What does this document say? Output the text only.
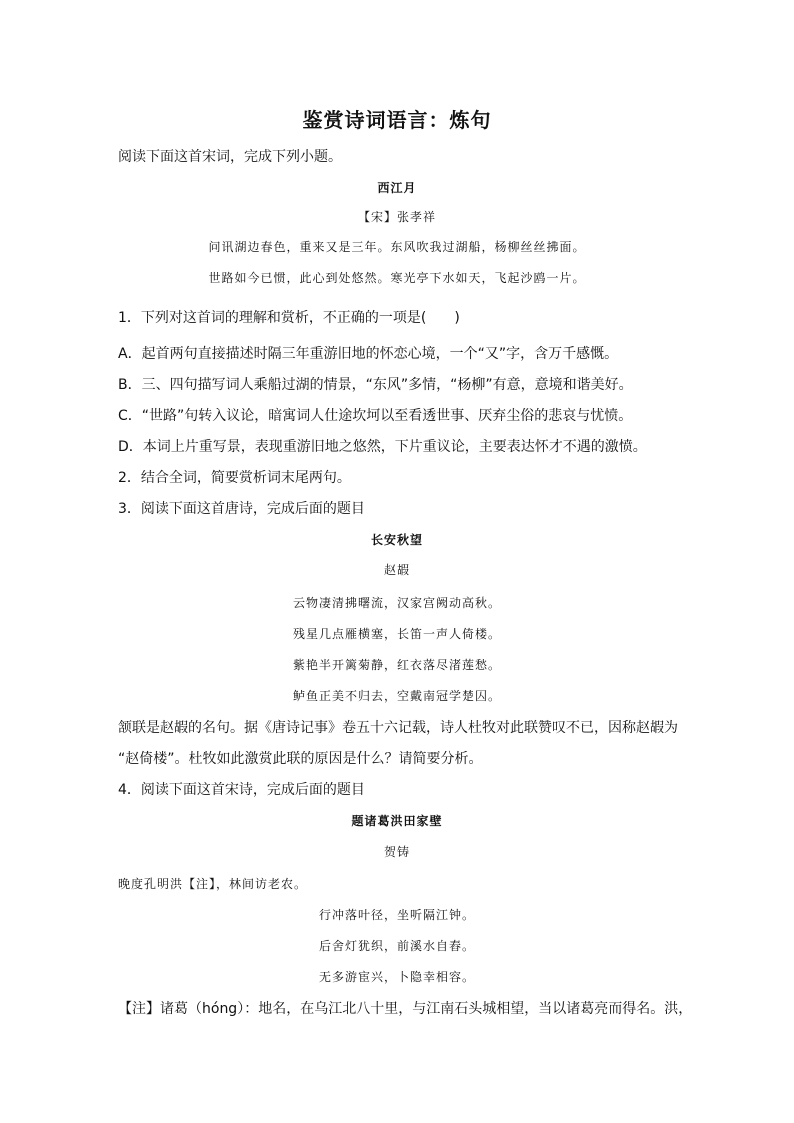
鉴赏诗词语言：炼句
阅读下面这首宋词，完成下列小题。
西江月
【宋】张孝祥
问讯湖边春色，重来又是三年。东风吹我过湖船，杨柳丝丝拂面。
世路如今已惯，此心到处悠然。寒光亭下水如天，飞起沙鸥一片。
1．下列对这首词的理解和赏析，不正确的一项是(　　)
A．起首两句直接描述时隔三年重游旧地的怀恋心境，一个“又”字，含万千感慨。
B．三、四句描写词人乘船过湖的情景，“东风”多情，“杨柳”有意，意境和谐美好。
C．“世路”句转入议论，暗寓词人仕途坎坷以至看透世事、厌弃尘俗的悲哀与忧愤。
D．本词上片重写景，表现重游旧地之悠然，下片重议论，主要表达怀才不遇的激愤。
2．结合全词，简要赏析词末尾两句。
3．阅读下面这首唐诗，完成后面的题目
长安秋望
赵嘏
云物凄清拂曙流，汉家宫阙动高秋。
残星几点雁横塞，长笛一声人倚楼。
紫艳半开篱菊静，红衣落尽渚莲愁。
鲈鱼正美不归去，空戴南冠学楚囚。
颔联是赵嘏的名句。据《唐诗记事》卷五十六记载，诗人杜牧对此联赞叹不已，因称赵嘏为
“赵倚楼”。杜牧如此激赏此联的原因是什么？请简要分析。
4．阅读下面这首宋诗，完成后面的题目
题诸葛洪田家壁
贺铸
晚度孔明洪【注】，林间访老农。
行冲落叶径，坐听隔江钟。
后舍灯犹织，前溪水自舂。
无多游宦兴，卜隐幸相容。
【注】诸葛（hóng）：地名，在乌江北八十里，与江南石头城相望，当以诸葛亮而得名。洪，
